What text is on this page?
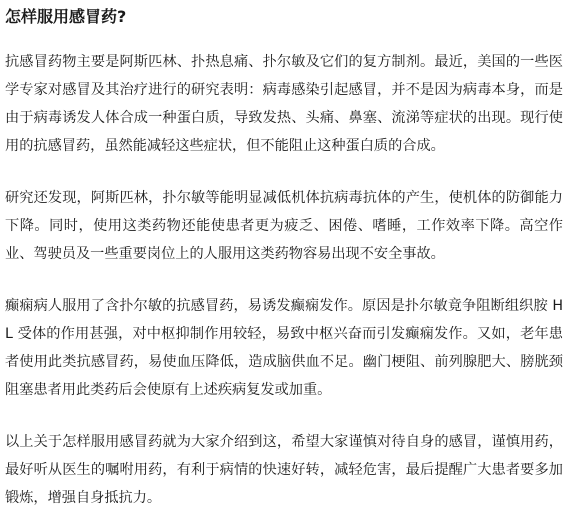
怎样服用感冒药?

抗感冒药物主要是阿斯匹林、扑热息痛、扑尔敏及它们的复方制剂。最近，美国的一些医学专家对感冒及其治疗进行的研究表明：病毒感染引起感冒，并不是因为病毒本身，而是由于病毒诱发人体合成一种蛋白质，导致发热、头痛、鼻塞、流涕等症状的出现。现行使用的抗感冒药，虽然能减轻这些症状，但不能阻止这种蛋白质的合成。

研究还发现，阿斯匹林，扑尔敏等能明显减低机体抗病毒抗体的产生，使机体的防御能力下降。同时，使用这类药物还能使患者更为疲乏、困倦、嗜睡，工作效率下降。高空作业、驾驶员及一些重要岗位上的人服用这类药物容易出现不安全事故。

癫痫病人服用了含扑尔敏的抗感冒药，易诱发癫痫发作。原因是扑尔敏竟争阻断组织胺 HL 受体的作用甚强，对中枢抑制作用较轻，易致中枢兴奋而引发癫痫发作。又如，老年患者使用此类抗感冒药，易使血压降低，造成脑供血不足。幽门梗阻、前列腺肥大、膀胱颈阻塞患者用此类药后会使原有上述疾病复发或加重。

以上关于怎样服用感冒药就为大家介绍到这，希望大家谨慎对待自身的感冒，谨慎用药，最好听从医生的嘱咐用药，有利于病情的快速好转，减轻危害，最后提醒广大患者要多加锻炼，增强自身抵抗力。
